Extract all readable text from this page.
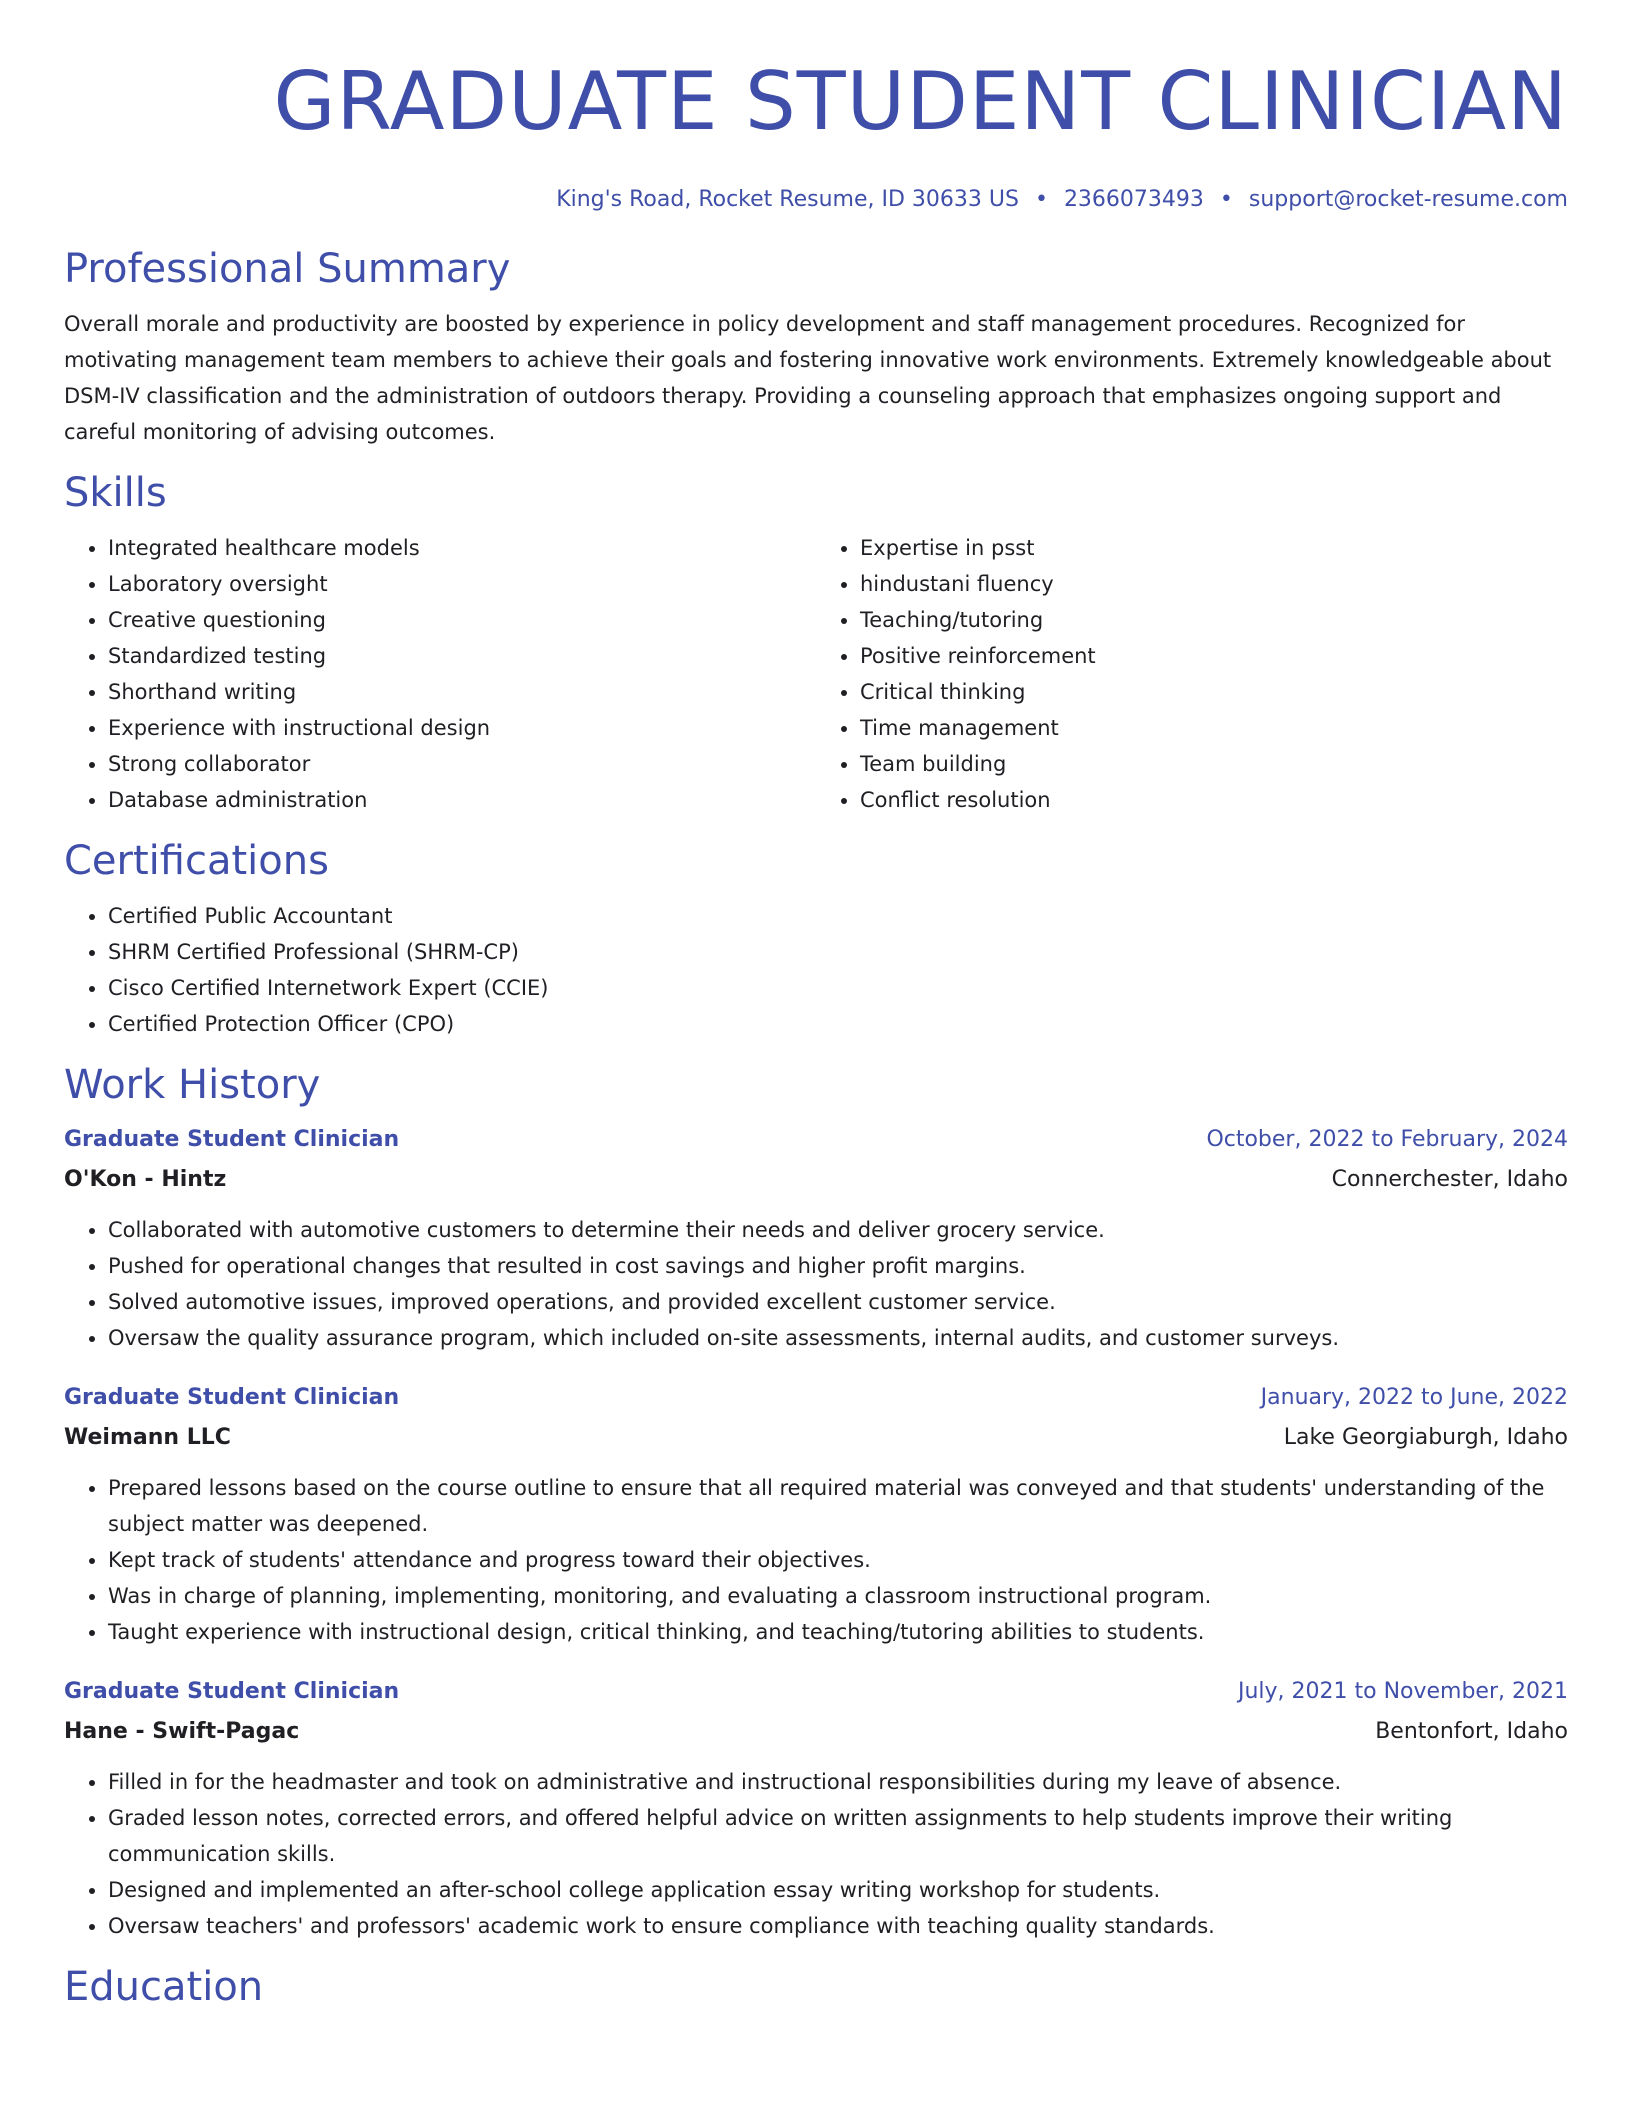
GRADUATE STUDENT CLINICIAN
King's Road, Rocket Resume, ID 30633 US • 2366073493 • support@rocket-resume.com
Professional Summary

Overall morale and productivity are boosted by experience in policy development and staff management procedures. Recognized for motivating management team members to achieve their goals and fostering innovative work environments. Extremely knowledgeable about DSM-IV classification and the administration of outdoors therapy. Providing a counseling approach that emphasizes ongoing support and careful monitoring of advising outcomes.

Skills
• Integrated healthcare models
• Laboratory oversight
• Creative questioning
• Standardized testing
• Shorthand writing
• Experience with instructional design
• Strong collaborator
• Database administration
• Expertise in psst
• hindustani fluency
• Teaching/tutoring
• Positive reinforcement
• Critical thinking
• Time management
• Team building
• Conflict resolution
Certifications
• Certified Public Accountant
• SHRM Certified Professional (SHRM-CP)
• Cisco Certified Internetwork Expert (CCIE)
• Certified Protection Officer (CPO)
Work History
Graduate Student Clinician	October, 2022 to February, 2024
O'Kon - Hintz	Connerchester, Idaho
• Collaborated with automotive customers to determine their needs and deliver grocery service.
• Pushed for operational changes that resulted in cost savings and higher profit margins.
• Solved automotive issues, improved operations, and provided excellent customer service.
• Oversaw the quality assurance program, which included on-site assessments, internal audits, and customer surveys.
Graduate Student Clinician	January, 2022 to June, 2022
Weimann LLC	Lake Georgiaburgh, Idaho
• Prepared lessons based on the course outline to ensure that all required material was conveyed and that students' understanding of the subject matter was deepened.
• Kept track of students' attendance and progress toward their objectives.
• Was in charge of planning, implementing, monitoring, and evaluating a classroom instructional program.
• Taught experience with instructional design, critical thinking, and teaching/tutoring abilities to students.
Graduate Student Clinician	July, 2021 to November, 2021
Hane - Swift-Pagac	Bentonfort, Idaho
• Filled in for the headmaster and took on administrative and instructional responsibilities during my leave of absence.
• Graded lesson notes, corrected errors, and offered helpful advice on written assignments to help students improve their writing communication skills.
• Designed and implemented an after-school college application essay writing workshop for students.
• Oversaw teachers' and professors' academic work to ensure compliance with teaching quality standards.
Education
